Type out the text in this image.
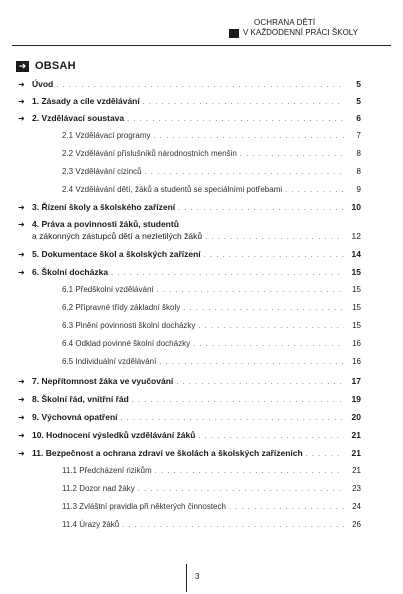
OCHRANA DĚTÍ
V KAŽDODENNÍ PRÁCI ŠKOLY
➜ OBSAH
➜ Úvod . . .	5
➜ 1. Zásady a cíle vzdělávání . . .	5
➜ 2. Vzdělávací soustava . . .	6
2.1 Vzdělávací programy . . .	7
2.2 Vzdělávání příslušníků národnostních menšin . . .	8
2.3 Vzdělávání cizinců . . .	8
2.4 Vzdělávání dětí, žáků a studentů se speciálními potřebami . . .	9
➜ 3. Řízení školy a školského zařízení . . .	10
➜ 4. Práva a povinnosti žáků, studentů
a zákonných zástupců dětí a nezletilých žáků . . .	12
➜ 5. Dokumentace škol a školských zařízení . . .	14
➜ 6. Školní docházka . . .	15
6.1 Předškolní vzdělávání . . .	15
6.2 Přípravné třídy základní školy . . .	15
6.3 Plnění povinnosti školní docházky . . .	15
6.4 Odklad povinné školní docházky . . .	16
6.5 Individuální vzdělávání . . .	16
➜ 7. Nepřítomnost žáka ve vyučování . . .	17
➜ 8. Školní řád, vnitřní řád . . .	19
➜ 9. Výchovná opatření . . .	20
➜ 10. Hodnocení výsledků vzdělávání žáků . . .	21
➜ 11. Bezpečnost a ochrana zdraví ve školách a školských zařízeních . . .	21
11.1 Předcházení rizikům . . .	21
11.2 Dozor nad žáky . . .	23
11.3 Zvláštní pravidla při některých činnostech . . .	24
11.4 Úrazy žáků . . .	26
3
